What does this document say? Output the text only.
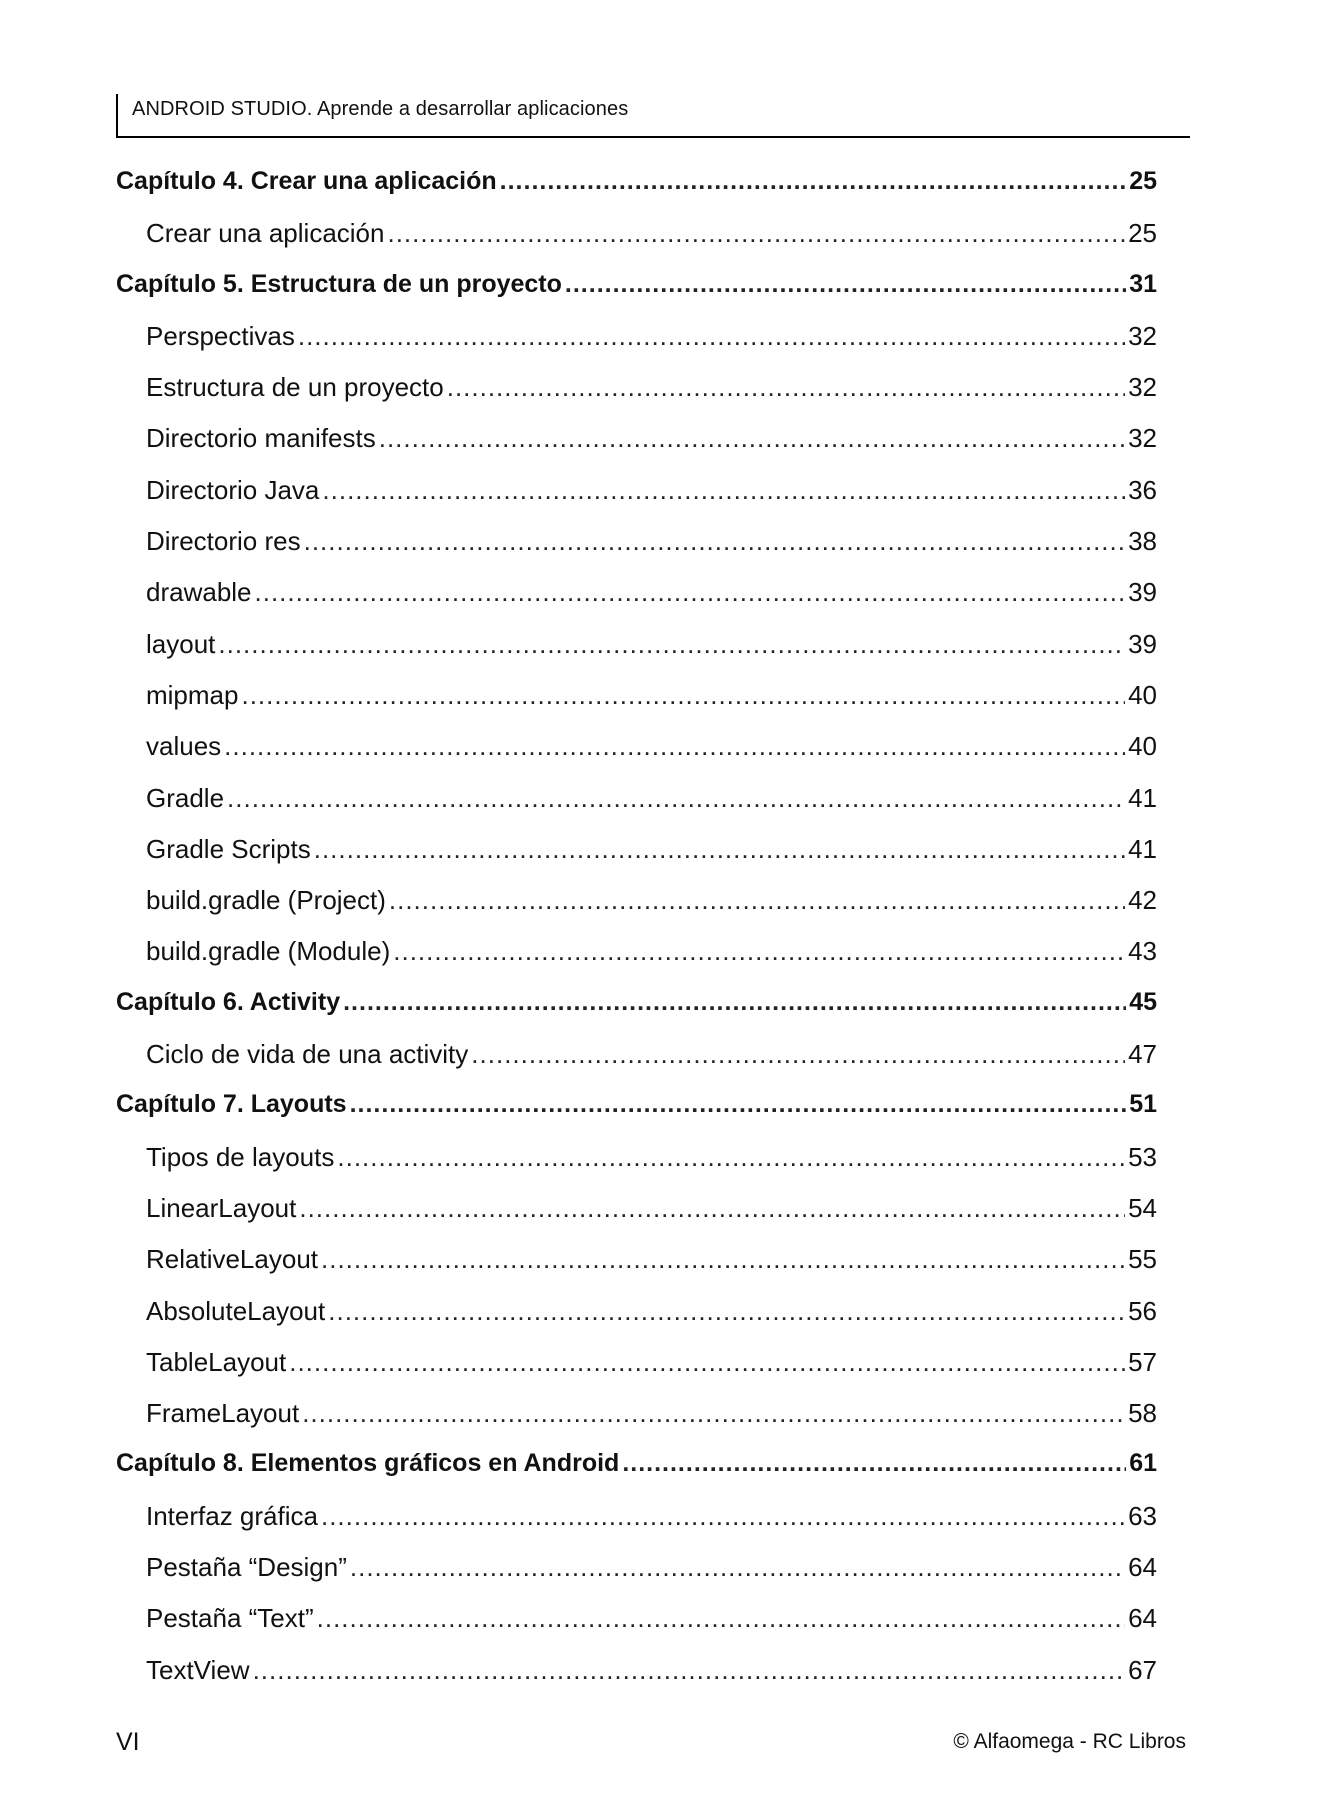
ANDROID STUDIO. Aprende a desarrollar aplicaciones
Capítulo 4. Crear una aplicación .....	25
Crear una aplicación .....	25
Capítulo 5. Estructura de un proyecto .....	31
Perspectivas .....	32
Estructura de un proyecto .....	32
Directorio manifests .....	32
Directorio Java .....	36
Directorio res .....	38
drawable .....	39
layout .....	39
mipmap .....	40
values .....	40
Gradle .....	41
Gradle Scripts .....	41
build.gradle (Project) .....	42
build.gradle (Module) .....	43
Capítulo 6. Activity .....	45
Ciclo de vida de una activity .....	47
Capítulo 7. Layouts .....	51
Tipos de layouts .....	53
LinearLayout .....	54
RelativeLayout .....	55
AbsoluteLayout .....	56
TableLayout .....	57
FrameLayout .....	58
Capítulo 8. Elementos gráficos en Android .....	61
Interfaz gráfica .....	63
Pestaña “Design” .....	64
Pestaña “Text” .....	64
TextView .....	67
VI	© Alfaomega - RC Libros
